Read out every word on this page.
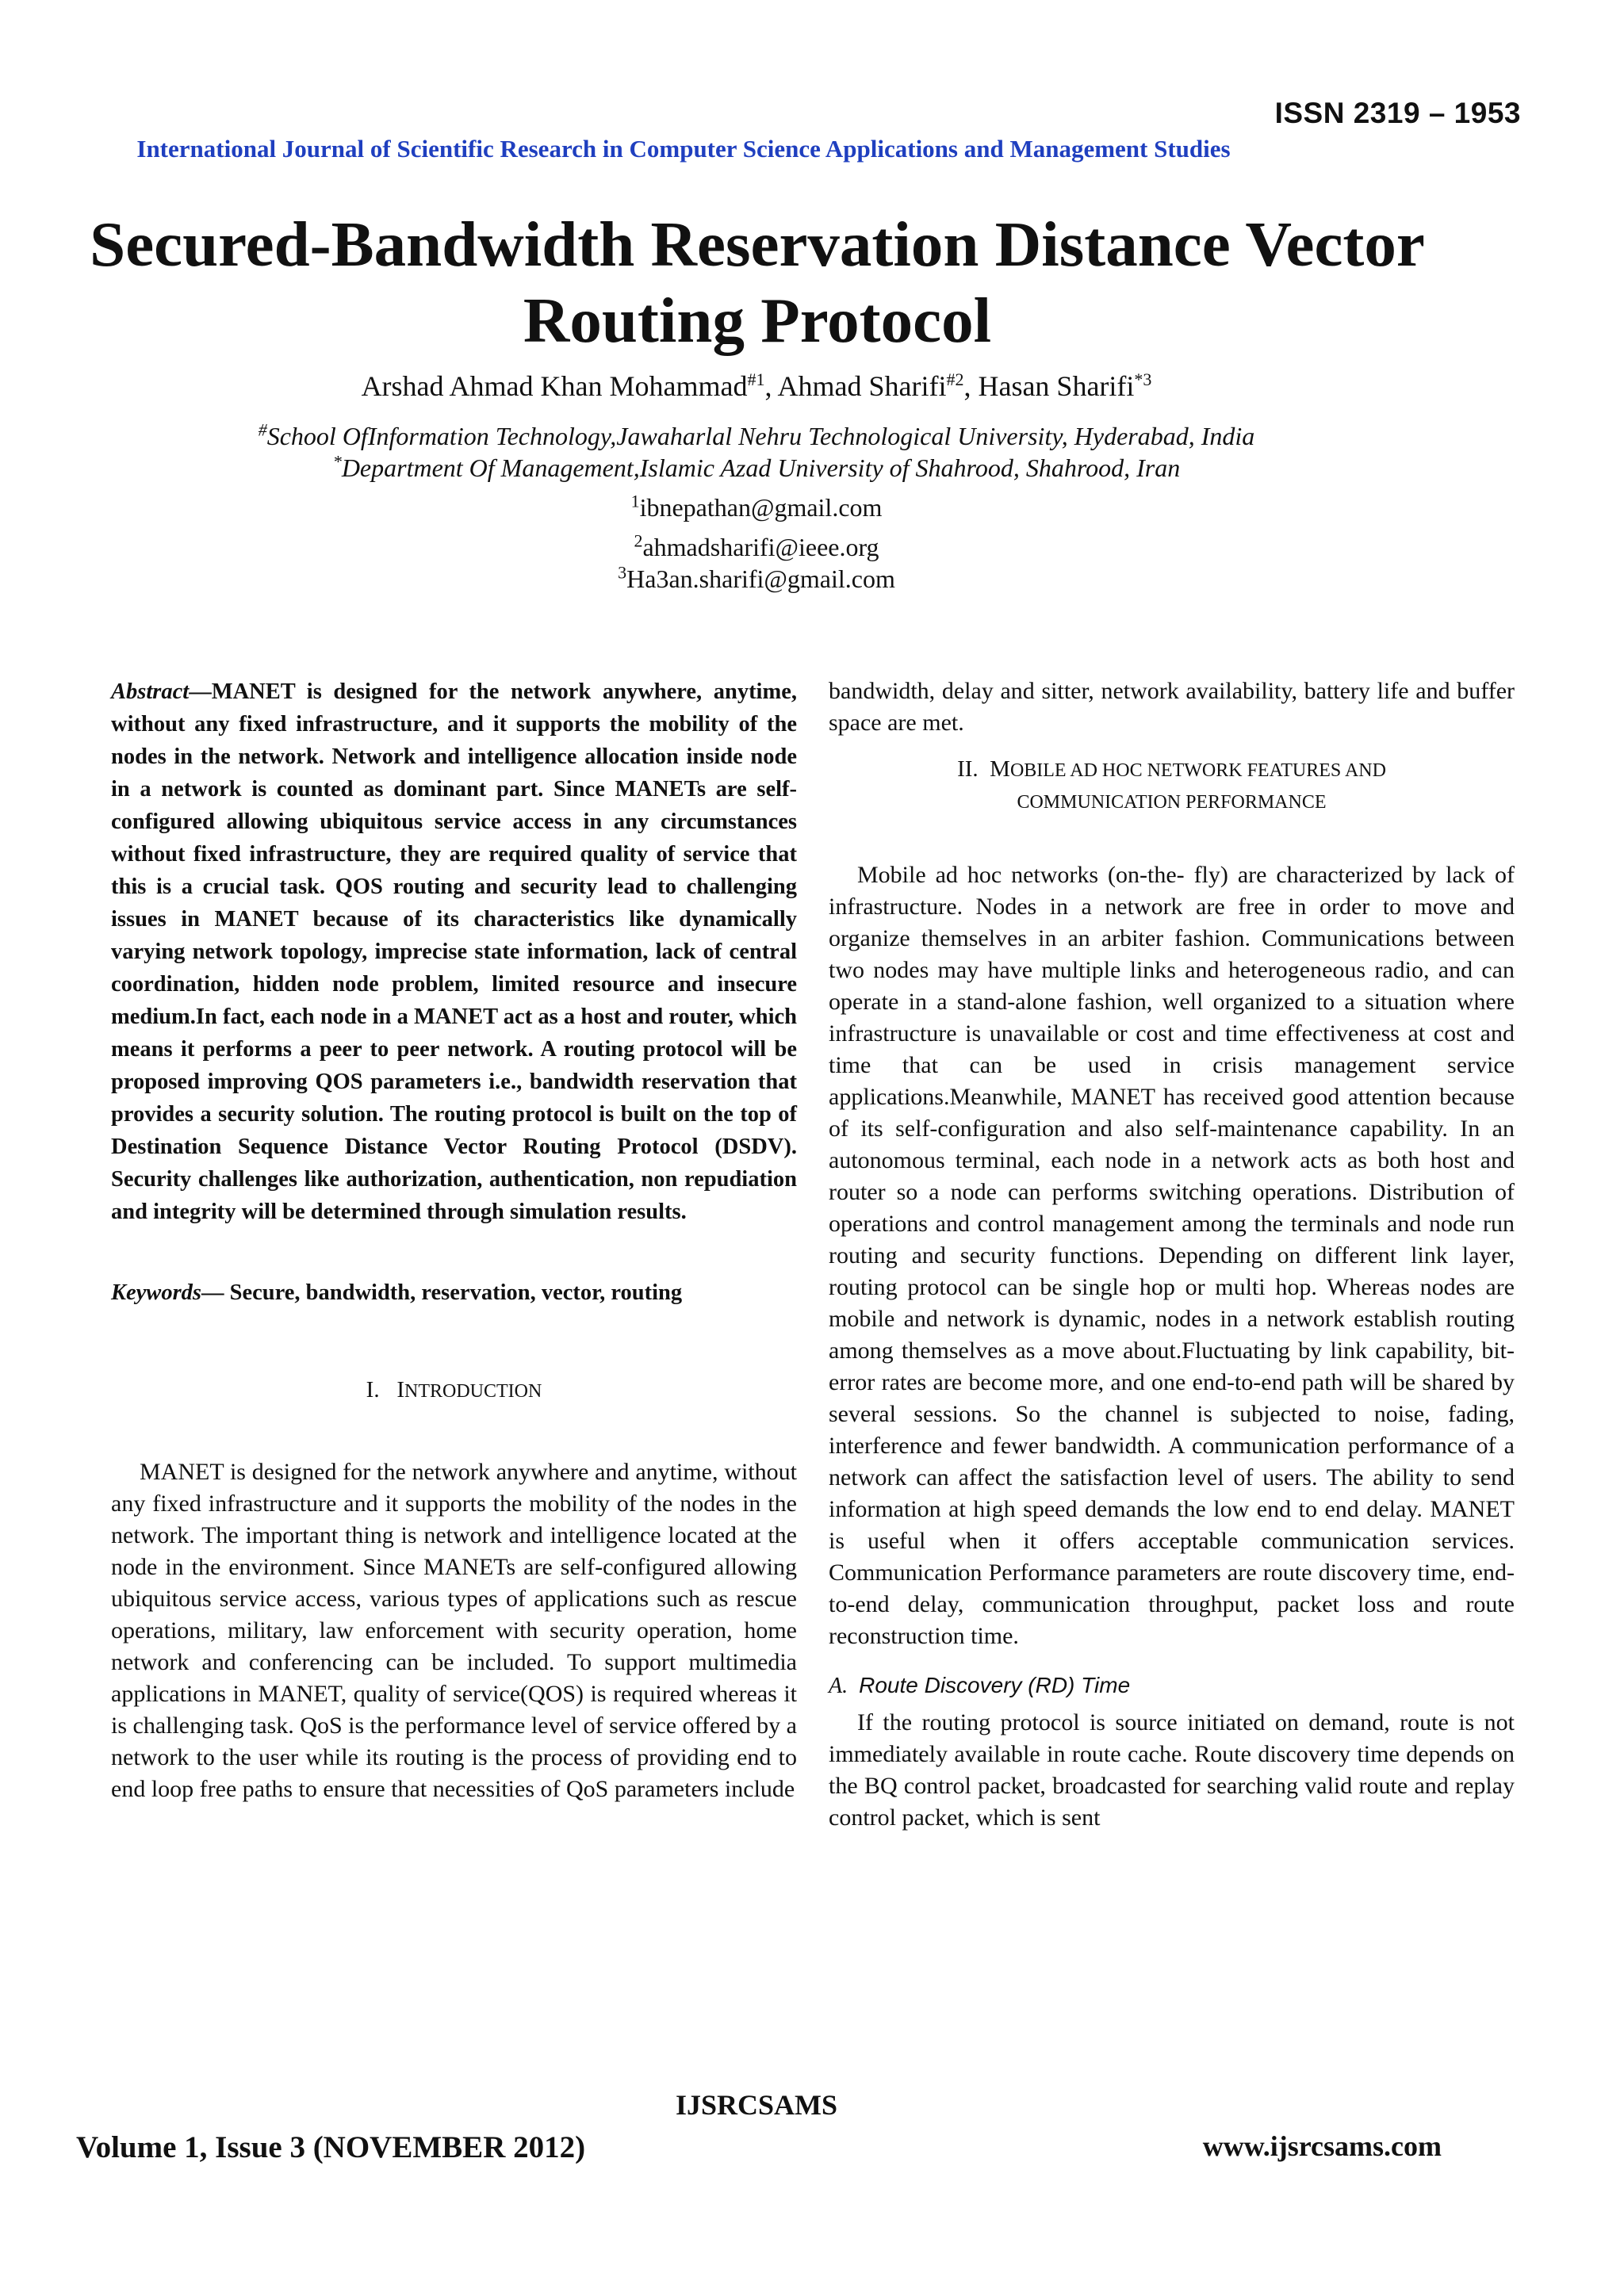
ISSN 2319 – 1953
International Journal of Scientific Research in Computer Science Applications and Management Studies
Secured-Bandwidth Reservation Distance Vector
Routing Protocol
Arshad Ahmad Khan Mohammad$^{\#1}$, Ahmad Sharifi$^{\#2}$, Hasan Sharifi$^{*3}$
#School OfInformation Technology,Jawaharlal Nehru Technological University, Hyderabad, India
*Department Of Management,Islamic Azad University of Shahrood, Shahrood, Iran
$^1$ibnepathan@gmail.com
$^2$ahmadsharifi@ieee.org
$^3$Ha3an.sharifi@gmail.com
Abstract—MANET is designed for the network anywhere, anytime, without any fixed infrastructure, and it supports the mobility of the nodes in the network. Network and intelligence allocation inside node in a network is counted as dominant part. Since MANETs are self-configured allowing ubiquitous service access in any circumstances without fixed infrastructure, they are required quality of service that this is a crucial task. QOS routing and security lead to challenging issues in MANET because of its characteristics like dynamically varying network topology, imprecise state information, lack of central coordination, hidden node problem, limited resource and insecure medium.In fact, each node in a MANET act as a host and router, which means it performs a peer to peer network. A routing protocol will be proposed improving QOS parameters i.e., bandwidth reservation that provides a security solution. The routing protocol is built on the top of Destination Sequence Distance Vector Routing Protocol (DSDV). Security challenges like authorization, authentication, non repudiation and integrity will be determined through simulation results.
Keywords— Secure, bandwidth, reservation, vector, routing

I. INTRODUCTION

MANET is designed for the network anywhere and anytime, without any fixed infrastructure and it supports the mobility of the nodes in the network. The important thing is network and intelligence located at the node in the environment. Since MANETs are self-configured allowing ubiquitous service access, various types of applications such as rescue operations, military, law enforcement with security operation, home network and conferencing can be included. To support multimedia applications in MANET, quality of service(QOS) is required whereas it is challenging task. QoS is the performance level of service offered by a network to the user while its routing is the process of providing end to end loop free paths to ensure that necessities of QoS parameters include

bandwidth, delay and sitter, network availability, battery life and buffer space are met.

II. MOBILE AD HOC NETWORK FEATURES AND
COMMUNICATION PERFORMANCE

Mobile ad hoc networks (on-the- fly) are characterized by lack of infrastructure. Nodes in a network are free in order to move and organize themselves in an arbiter fashion. Communications between two nodes may have multiple links and heterogeneous radio, and can operate in a stand-alone fashion, well organized to a situation where infrastructure is unavailable or cost and time effectiveness at cost and time that can be used in crisis management service applications.Meanwhile, MANET has received good attention because of its self-configuration and also self-maintenance capability. In an autonomous terminal, each node in a network acts as both host and router so a node can performs switching operations. Distribution of operations and control management among the terminals and node run routing and security functions. Depending on different link layer, routing protocol can be single hop or multi hop. Whereas nodes are mobile and network is dynamic, nodes in a network establish routing among themselves as a move about.Fluctuating by link capability, bit-error rates are become more, and one end-to-end path will be shared by several sessions. So the channel is subjected to noise, fading, interference and fewer bandwidth. A communication performance of a network can affect the satisfaction level of users. The ability to send information at high speed demands the low end to end delay. MANET is useful when it offers acceptable communication services. Communication Performance parameters are route discovery time, end-to-end delay, communication throughput, packet loss and route reconstruction time.

A. Route Discovery (RD) Time

If the routing protocol is source initiated on demand, route is not immediately available in route cache. Route discovery time depends on the BQ control packet, broadcasted for searching valid route and replay control packet, which is sent

IJSRCSAMS
Volume 1, Issue 3 (NOVEMBER 2012)	www.ijsrcsams.com
